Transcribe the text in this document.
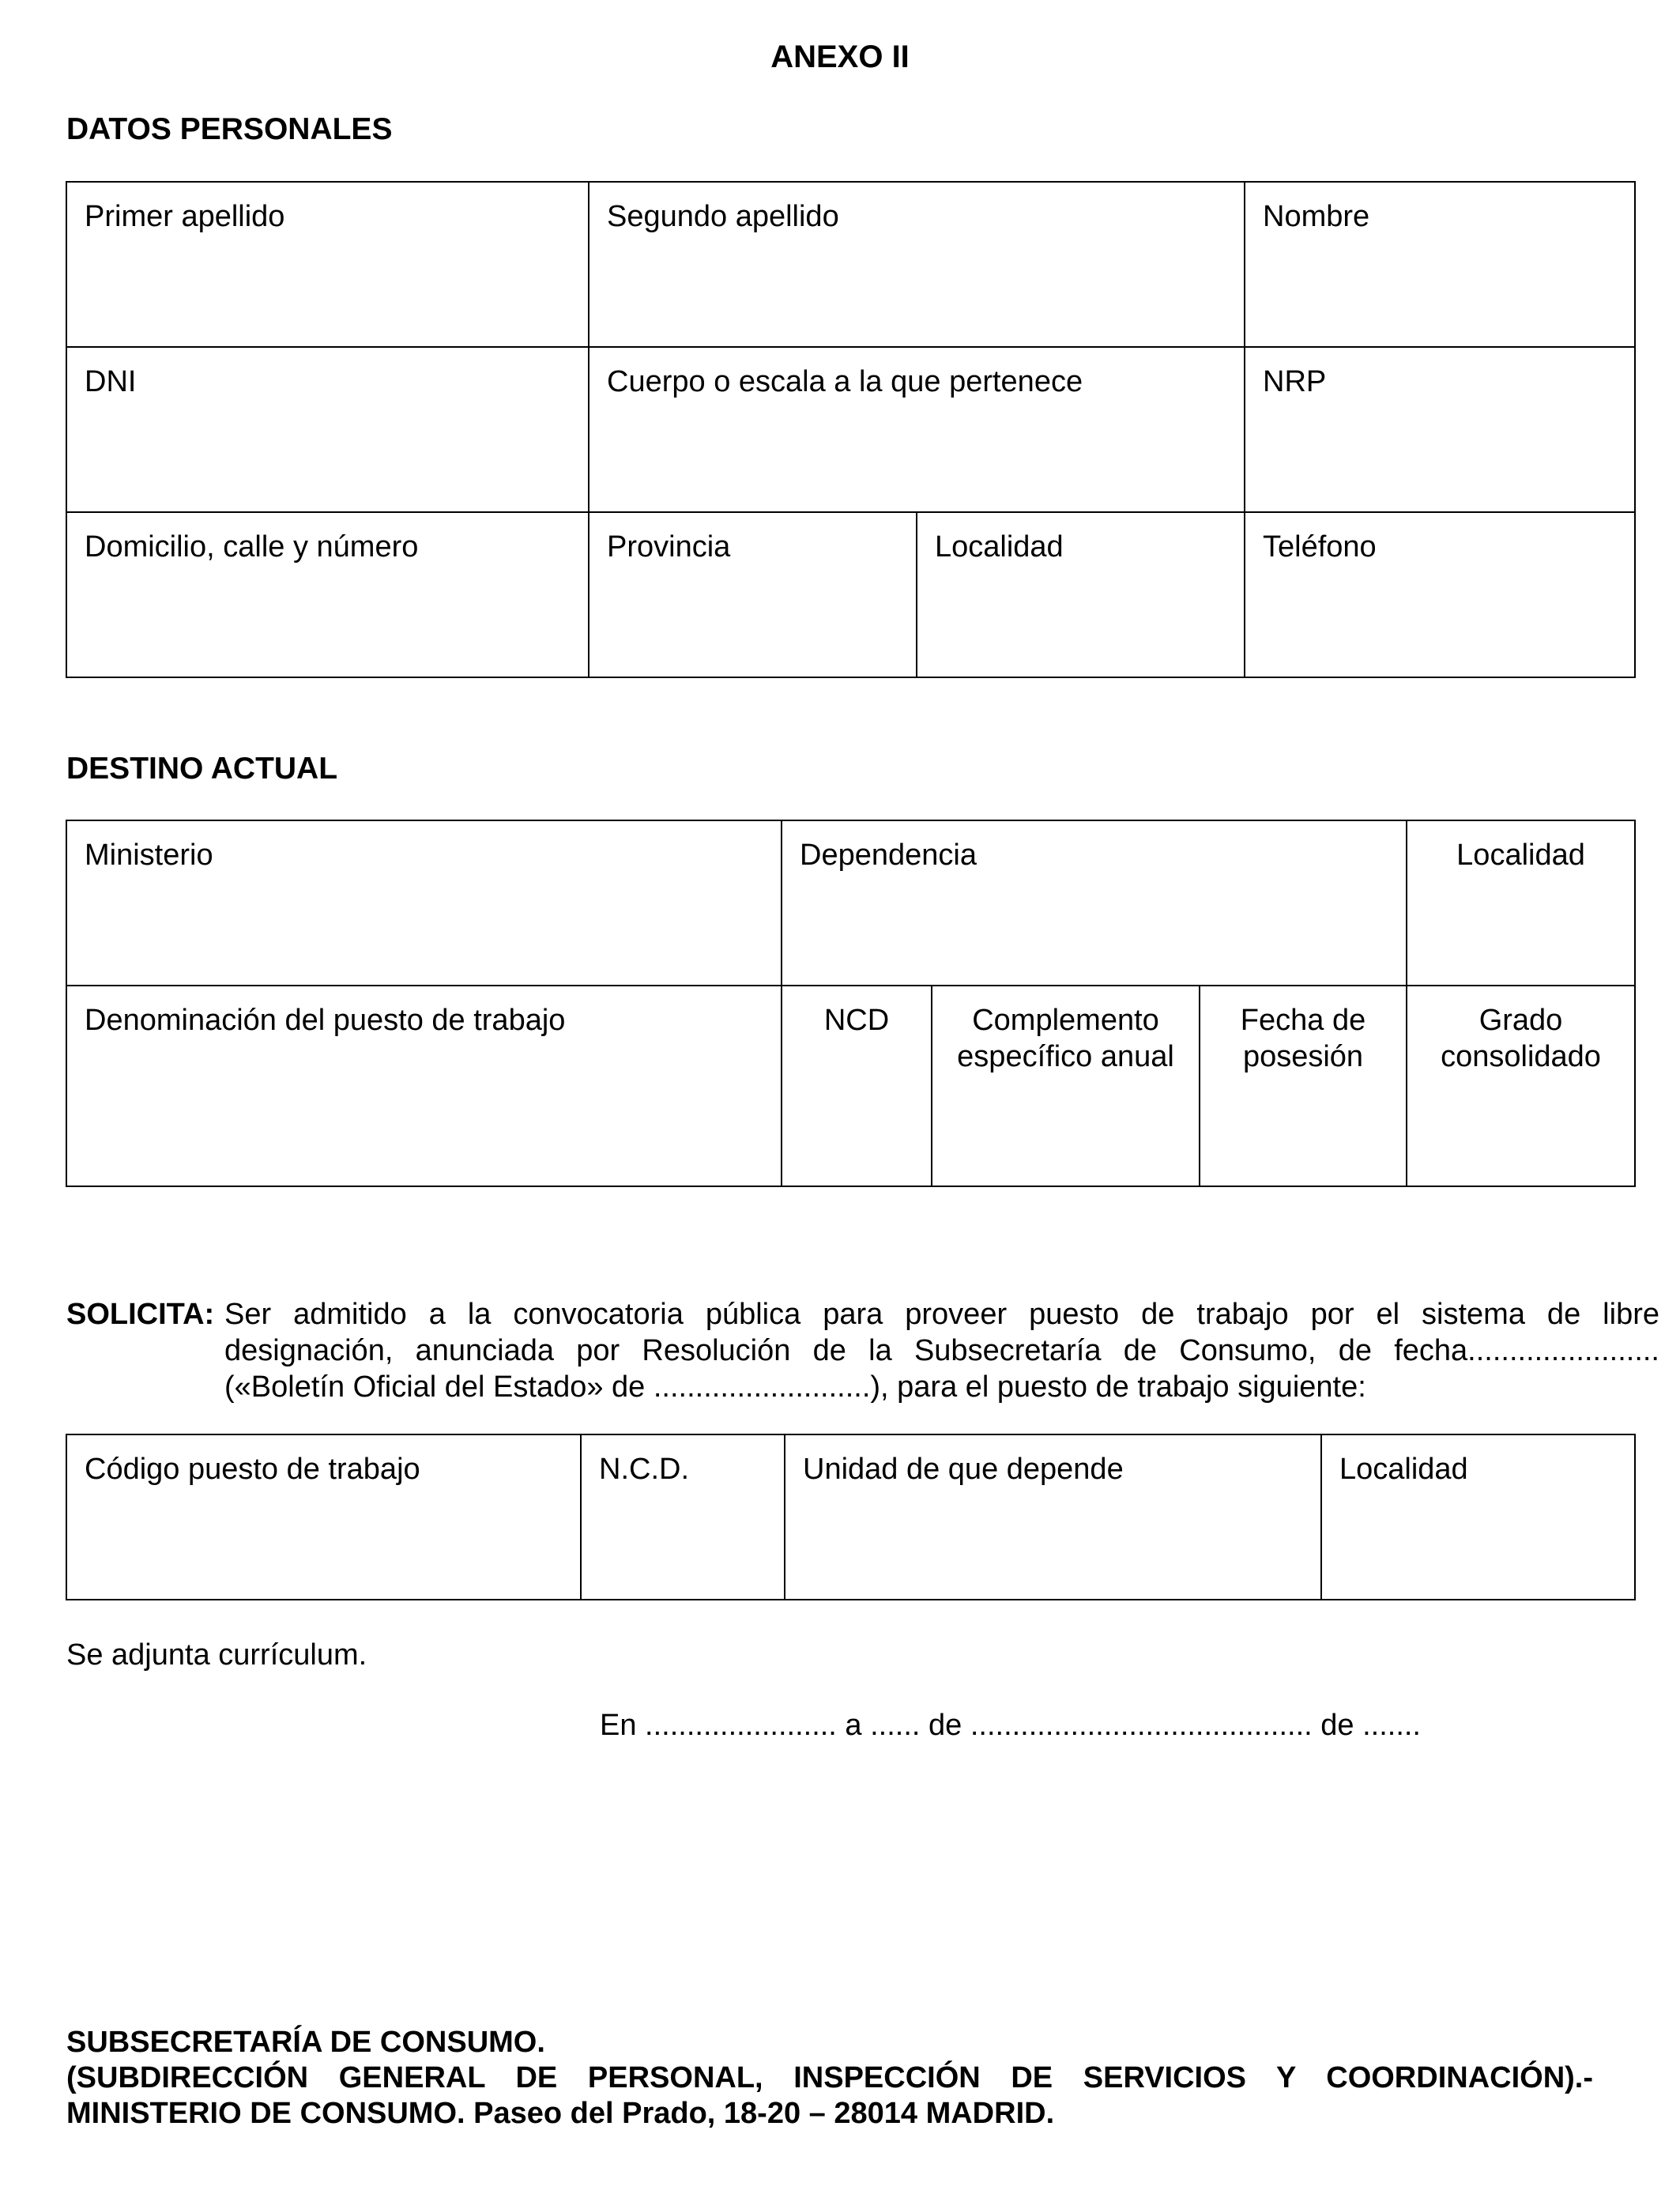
ANEXO II
DATOS PERSONALES
Primer apellido	Segundo apellido		Nombre
DNI	Cuerpo o escala a la que pertenece		NRP
Domicilio, calle y número	Provincia	Localidad	Teléfono
DESTINO ACTUAL
Ministerio	Dependencia			Localidad
Denominación del puesto de trabajo	NCD	Complemento específico anual	Fecha de posesión	Grado consolidado
SOLICITA: Ser admitido a la convocatoria pública para proveer puesto de trabajo por el sistema de libre
designación, anunciada por Resolución de la Subsecretaría de Consumo, de fecha.......................
(«Boletín Oficial del Estado» de ..........................), para el puesto de trabajo siguiente:
Código puesto de trabajo	N.C.D.	Unidad de que depende	Localidad
Se adjunta currículum.
En ....................... a ...... de ......................................... de .......
SUBSECRETARÍA DE CONSUMO.
(SUBDIRECCIÓN GENERAL DE PERSONAL, INSPECCIÓN DE SERVICIOS Y COORDINACIÓN).-
MINISTERIO DE CONSUMO. Paseo del Prado, 18-20 – 28014 MADRID.
